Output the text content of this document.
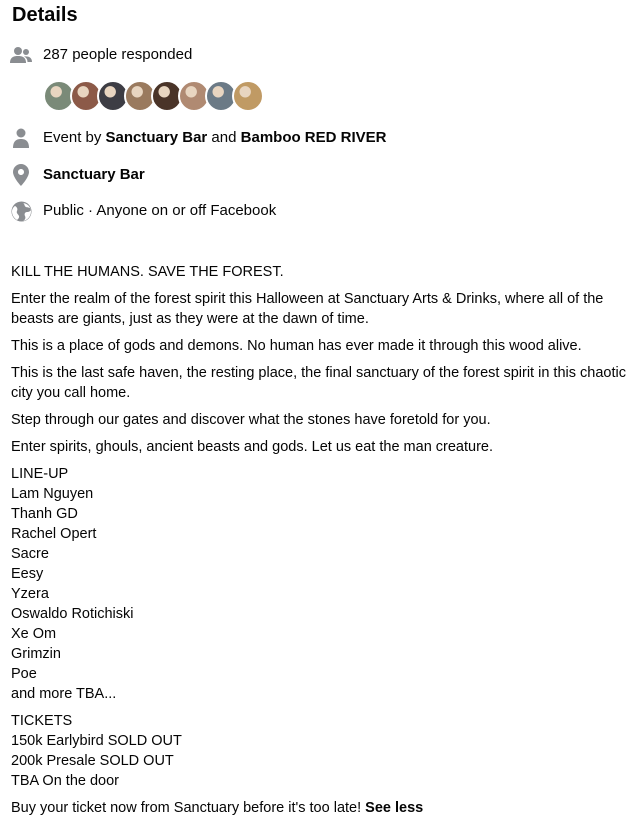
Details
287 people responded
Event by Sanctuary Bar and Bamboo RED RIVER
Sanctuary Bar
Public · Anyone on or off Facebook

KILL THE HUMANS. SAVE THE FOREST.

Enter the realm of the forest spirit this Halloween at Sanctuary Arts & Drinks, where all of the beasts are giants, just as they were at the dawn of time.

This is a place of gods and demons. No human has ever made it through this wood alive.

This is the last safe haven, the resting place, the final sanctuary of the forest spirit in this chaotic city you call home.

Step through our gates and discover what the stones have foretold for you.

Enter spirits, ghouls, ancient beasts and gods. Let us eat the man creature.

LINE-UP
Lam Nguyen
Thanh GD
Rachel Opert
Sacre
Eesy
Yzera
Oswaldo Rotichiski
Xe Om
Grimzin
Poe
and more TBA...

TICKETS
150k Earlybird SOLD OUT
200k Presale SOLD OUT
TBA On the door

Buy your ticket now from Sanctuary before it's too late! See less
